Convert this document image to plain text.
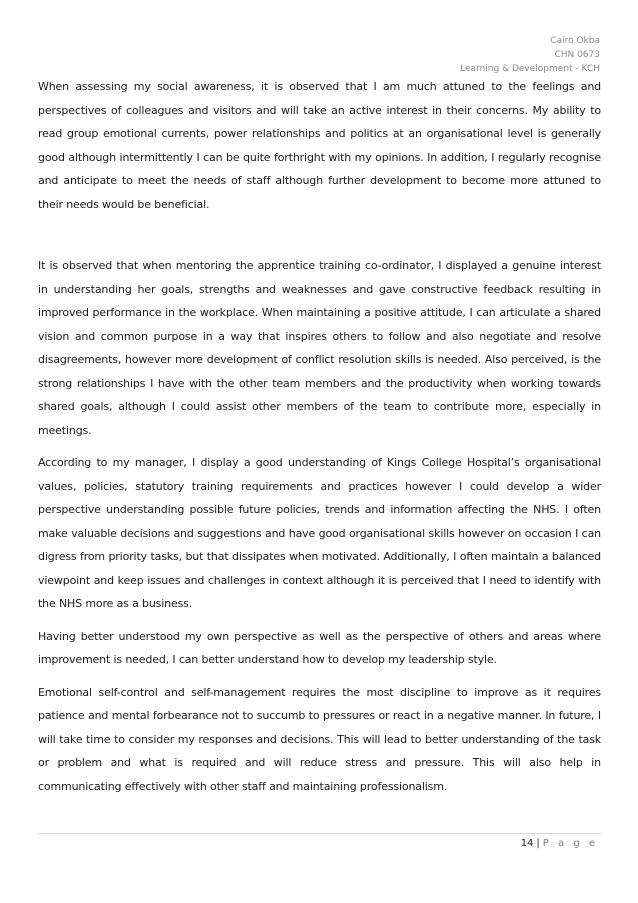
Cairo Okba
CHN 0673
Learning & Development - KCH

When assessing my social awareness, it is observed that I am much attuned to the feelings and perspectives of colleagues and visitors and will take an active interest in their concerns. My ability to read group emotional currents, power relationships and politics at an organisational level is generally good although intermittently I can be quite forthright with my opinions. In addition, I regularly recognise and anticipate to meet the needs of staff although further development to become more attuned to their needs would be beneficial.

It is observed that when mentoring the apprentice training co-ordinator, I displayed a genuine interest in understanding her goals, strengths and weaknesses and gave constructive feedback resulting in improved performance in the workplace. When maintaining a positive attitude, I can articulate a shared vision and common purpose in a way that inspires others to follow and also negotiate and resolve disagreements, however more development of conflict resolution skills is needed. Also perceived, is the strong relationships I have with the other team members and the productivity when working towards shared goals, although I could assist other members of the team to contribute more, especially in meetings.

According to my manager, I display a good understanding of Kings College Hospital’s organisational values, policies, statutory training requirements and practices however I could develop a wider perspective understanding possible future policies, trends and information affecting the NHS. I often make valuable decisions and suggestions and have good organisational skills however on occasion I can digress from priority tasks, but that dissipates when motivated. Additionally, I often maintain a balanced viewpoint and keep issues and challenges in context although it is perceived that I need to identify with the NHS more as a business.

Having better understood my own perspective as well as the perspective of others and areas where improvement is needed, I can better understand how to develop my leadership style.

Emotional self-control and self-management requires the most discipline to improve as it requires patience and mental forbearance not to succumb to pressures or react in a negative manner. In future, I will take time to consider my responses and decisions. This will lead to better understanding of the task or problem and what is required and will reduce stress and pressure. This will also help in communicating effectively with other staff and maintaining professionalism.

14 | P a g e
